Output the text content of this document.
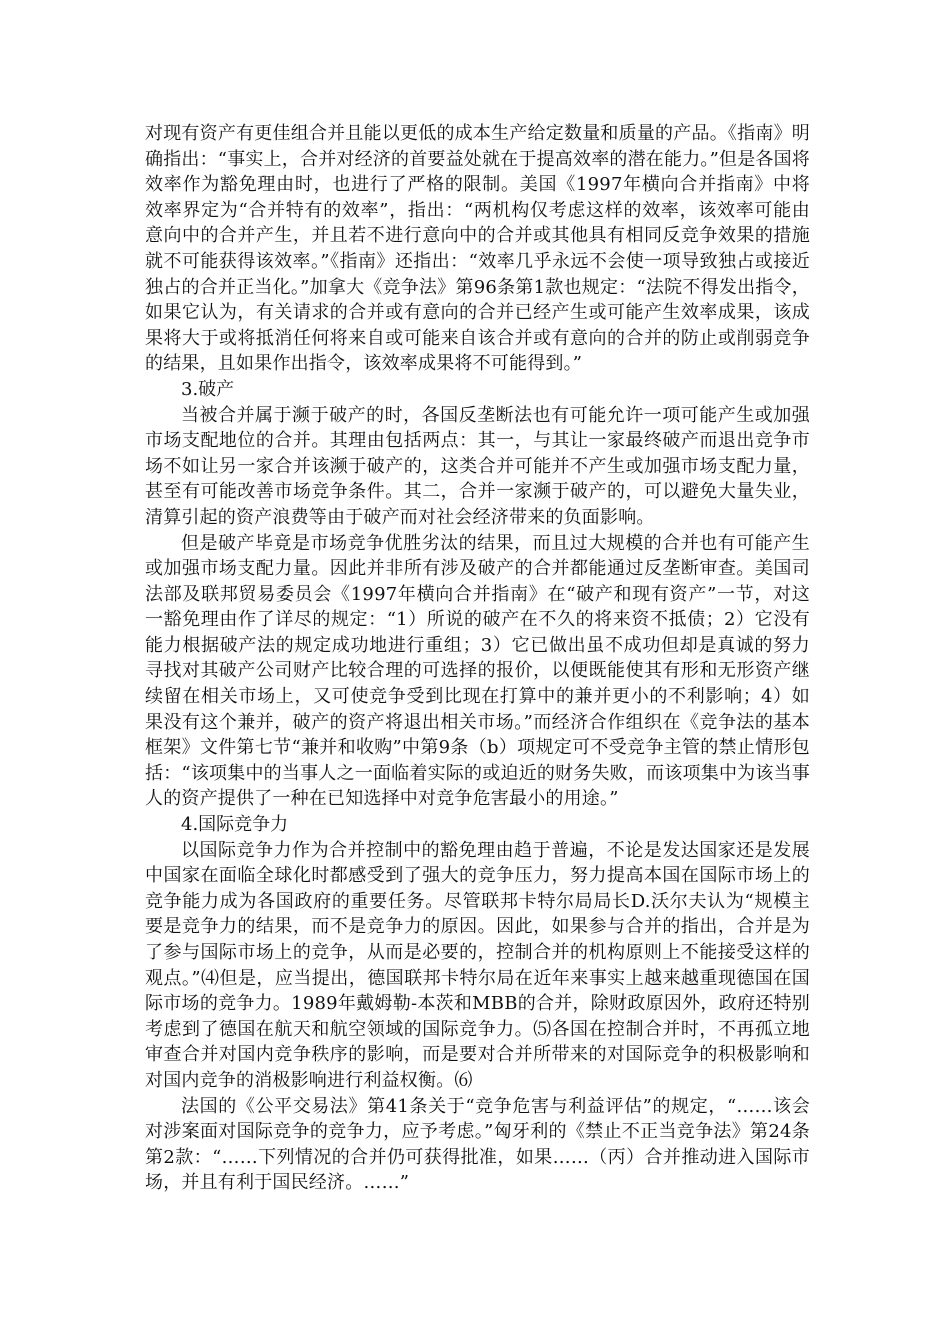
对现有资产有更佳组合并且能以更低的成本生产给定数量和质量的产品。《指南》明确指出：“事实上，合并对经济的首要益处就在于提高效率的潜在能力。”但是各国将效率作为豁免理由时，也进行了严格的限制。美国《1997年横向合并指南》中将效率界定为“合并特有的效率”，指出：“两机构仅考虑这样的效率，该效率可能由意向中的合并产生，并且若不进行意向中的合并或其他具有相同反竞争效果的措施就不可能获得该效率。”《指南》还指出：“效率几乎永远不会使一项导致独占或接近独占的合并正当化。”加拿大《竞争法》第96条第1款也规定：“法院不得发出指令，如果它认为，有关请求的合并或有意向的合并已经产生或可能产生效率成果，该成果将大于或将抵消任何将来自或可能来自该合并或有意向的合并的防止或削弱竞争的结果，且如果作出指令，该效率成果将不可能得到。”

3.破产

当被合并属于濒于破产的时，各国反垄断法也有可能允许一项可能产生或加强市场支配地位的合并。其理由包括两点：其一，与其让一家最终破产而退出竞争市场不如让另一家合并该濒于破产的，这类合并可能并不产生或加强市场支配力量，甚至有可能改善市场竞争条件。其二，合并一家濒于破产的，可以避免大量失业，清算引起的资产浪费等由于破产而对社会经济带来的负面影响。

但是破产毕竟是市场竞争优胜劣汰的结果，而且过大规模的合并也有可能产生或加强市场支配力量。因此并非所有涉及破产的合并都能通过反垄断审查。美国司法部及联邦贸易委员会《1997年横向合并指南》在“破产和现有资产”一节，对这一豁免理由作了详尽的规定：“1）所说的破产在不久的将来资不抵债；2）它没有能力根据破产法的规定成功地进行重组；3）它已做出虽不成功但却是真诚的努力寻找对其破产公司财产比较合理的可选择的报价，以便既能使其有形和无形资产继续留在相关市场上，又可使竞争受到比现在打算中的兼并更小的不利影响；4）如果没有这个兼并，破产的资产将退出相关市场。”而经济合作组织在《竞争法的基本框架》文件第七节“兼并和收购”中第9条（b）项规定可不受竞争主管的禁止情形包括：“该项集中的当事人之一面临着实际的或迫近的财务失败，而该项集中为该当事人的资产提供了一种在已知选择中对竞争危害最小的用途。”

4.国际竞争力

以国际竞争力作为合并控制中的豁免理由趋于普遍，不论是发达国家还是发展中国家在面临全球化时都感受到了强大的竞争压力，努力提高本国在国际市场上的竞争能力成为各国政府的重要任务。尽管联邦卡特尔局局长D.沃尔夫认为“规模主要是竞争力的结果，而不是竞争力的原因。因此，如果参与合并的指出，合并是为了参与国际市场上的竞争，从而是必要的，控制合并的机构原则上不能接受这样的观点。”⑷但是，应当提出，德国联邦卡特尔局在近年来事实上越来越重现德国在国际市场的竞争力。1989年戴姆勒-本茨和MBB的合并，除财政原因外，政府还特别考虑到了德国在航天和航空领域的国际竞争力。⑸各国在控制合并时，不再孤立地审查合并对国内竞争秩序的影响，而是要对合并所带来的对国际竞争的积极影响和对国内竞争的消极影响进行利益权衡。⑹

法国的《公平交易法》第41条关于“竞争危害与利益评估”的规定，“……该会对涉案面对国际竞争的竞争力，应予考虑。”匈牙利的《禁止不正当竞争法》第24条第2款：“……下列情况的合并仍可获得批准，如果……（丙）合并推动进入国际市场，并且有利于国民经济。……”
